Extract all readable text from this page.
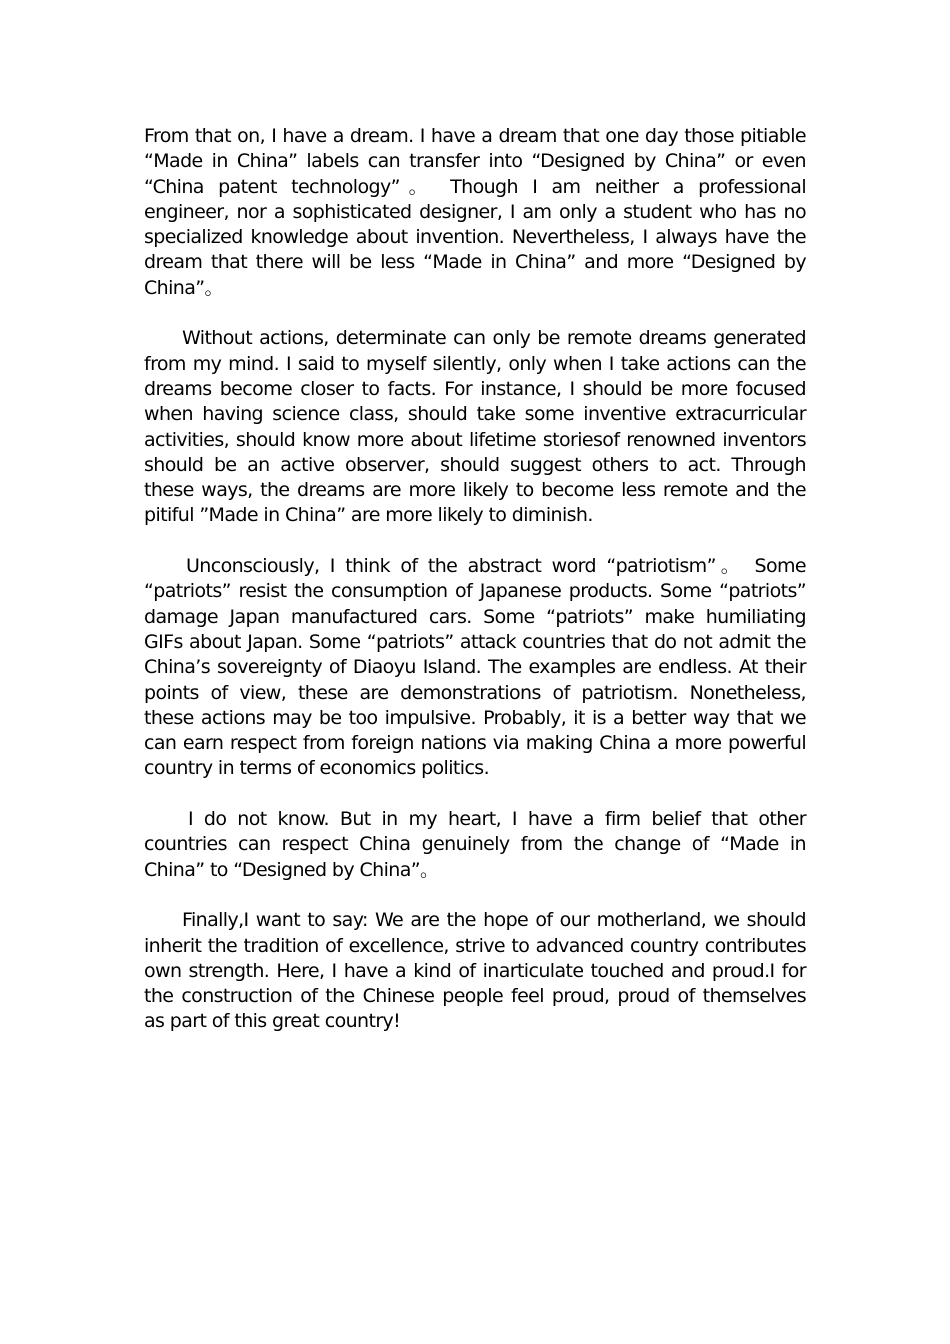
From that on, I have a dream. I have a dream that one day those pitiable “Made in China” labels can transfer into “Designed by China” or even “China patent technology”。 Though I am neither a professional engineer, nor a sophisticated designer, I am only a student who has no specialized knowledge about invention. Nevertheless, I always have the dream that there will be less “Made in China” and more “Designed by China”。

Without actions, determinate can only be remote dreams generated from my mind. I said to myself silently, only when I take actions can the dreams become closer to facts. For instance, I should be more focused when having science class, should take some inventive extracurricular activities, should know more about lifetime storiesof renowned inventors should be an active observer, should suggest others to act. Through these ways, the dreams are more likely to become less remote and the pitiful ”Made in China” are more likely to diminish.

Unconsciously, I think of the abstract word “patriotism”。 Some “patriots” resist the consumption of Japanese products. Some “patriots” damage Japan manufactured cars. Some “patriots” make humiliating GIFs about Japan. Some “patriots” attack countries that do not admit the China’s sovereignty of Diaoyu Island. The examples are endless. At their points of view, these are demonstrations of patriotism. Nonetheless, these actions may be too impulsive. Probably, it is a better way that we can earn respect from foreign nations via making China a more powerful country in terms of economics politics.

I do not know. But in my heart, I have a firm belief that other countries can respect China genuinely from the change of “Made in China” to “Designed by China”。

Finally,I want to say: We are the hope of our motherland, we should inherit the tradition of excellence, strive to advanced country contributes own strength. Here, I have a kind of inarticulate touched and proud.I for the construction of the Chinese people feel proud, proud of themselves as part of this great country!
